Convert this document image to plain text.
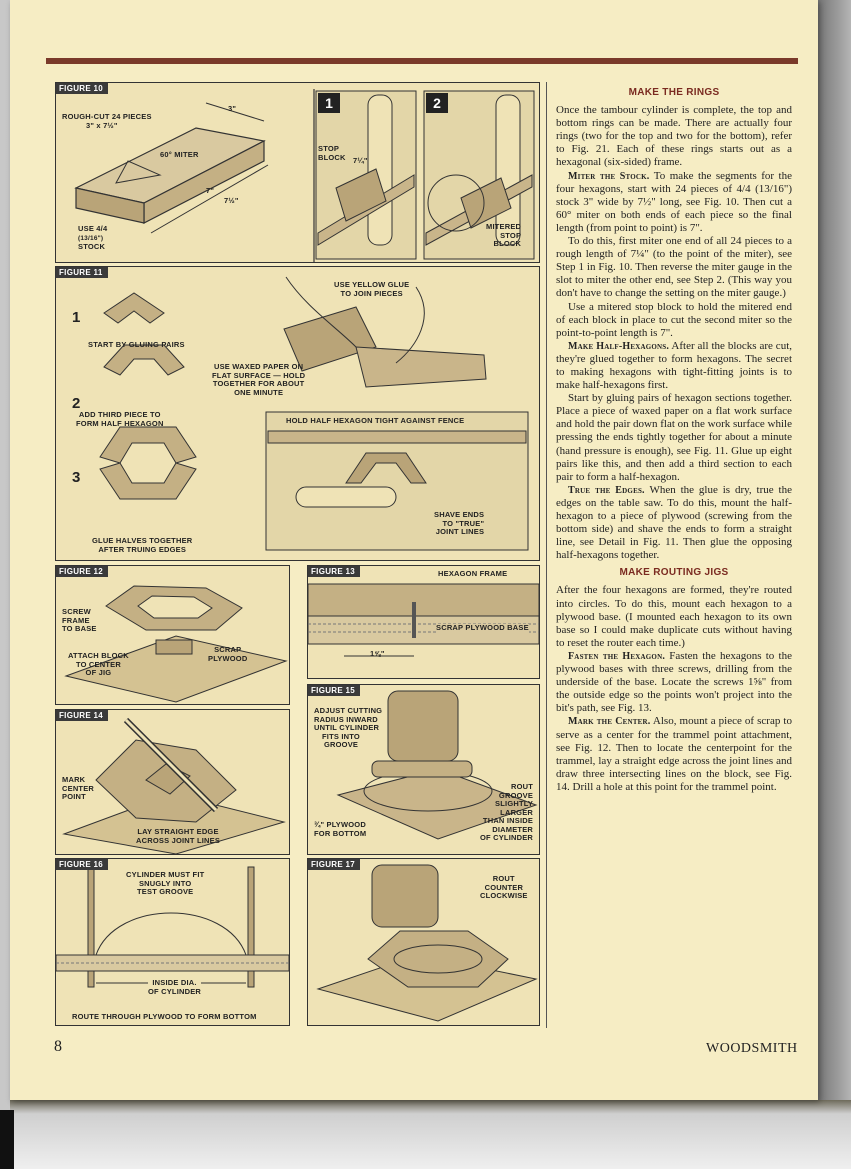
FIGURE 10
ROUGH-CUT 24 PIECES
3" x 7½"
3"
60° MITER
7"
7½"
USE 4/4
(13/16")
STOCK
1	2
STOP
BLOCK 7¼"
MITERED
STOP
BLOCK
FIGURE 11
1
2
3
START BY GLUING PAIRS
USE YELLOW GLUE
TO JOIN PIECES
USE WAXED PAPER ON
FLAT SURFACE — HOLD
TOGETHER FOR ABOUT
ONE MINUTE
ADD THIRD PIECE TO
FORM HALF HEXAGON	HOLD HALF HEXAGON TIGHT AGAINST FENCE
SHAVE ENDS
TO "TRUE"
JOINT LINES
GLUE HALVES TOGETHER
AFTER TRUING EDGES
FIGURE 12
SCREW
FRAME
TO BASE
ATTACH BLOCK
TO CENTER
OF JIG
SCRAP
PLYWOOD
FIGURE 13	HEXAGON FRAME
SCRAP PLYWOOD BASE
1⅝"
FIGURE 14
MARK
CENTER
POINT
LAY STRAIGHT EDGE
ACROSS JOINT LINES
FIGURE 15
ADJUST CUTTING
RADIUS INWARD
UNTIL CYLINDER
FITS INTO
GROOVE
ROUT
GROOVE
SLIGHTLY
LARGER
THAN INSIDE
DIAMETER
OF CYLINDER
¾" PLYWOOD
FOR BOTTOM
FIGURE 16
CYLINDER MUST FIT
SNUGLY INTO
TEST GROOVE
INSIDE DIA.
OF CYLINDER
ROUTE THROUGH PLYWOOD TO FORM BOTTOM
FIGURE 17
ROUT
COUNTER
CLOCKWISE
MAKE THE RINGS

Once the tambour cylinder is complete, the top and bottom rings can be made. There are actually four rings (two for the top and two for the bottom), refer to Fig. 21. Each of these rings starts out as a hexagonal (six-sided) frame.

Miter the Stock. To make the segments for the four hexagons, start with 24 pieces of 4/4 (13/16") stock 3" wide by 7½" long, see Fig. 10. Then cut a 60° miter on both ends of each piece so the final length (from point to point) is 7".

To do this, first miter one end of all 24 pieces to a rough length of 7¼" (to the point of the miter), see Step 1 in Fig. 10. Then reverse the miter gauge in the slot to miter the other end, see Step 2. (This way you don't have to change the setting on the miter gauge.)

Use a mitered stop block to hold the mitered end of each block in place to cut the second miter so the point-to-point length is 7".

Make Half-Hexagons. After all the blocks are cut, they're glued together to form hexagons. The secret to making hexagons with tight-fitting joints is to make half-hexagons first.

Start by gluing pairs of hexagon sections together. Place a piece of waxed paper on a flat work surface and hold the pair down flat on the work surface while pressing the ends tightly together for about a minute (hand pressure is enough), see Fig. 11. Glue up eight pairs like this, and then add a third section to each pair to form a half-hexagon.

True the Edges. When the glue is dry, true the edges on the table saw. To do this, mount the half-hexagon to a piece of plywood (screwing from the bottom side) and shave the ends to form a straight line, see Detail in Fig. 11. Then glue the opposing half-hexagons together.

MAKE ROUTING JIGS

After the four hexagons are formed, they're routed into circles. To do this, mount each hexagon to a plywood base. (I mounted each hexagon to its own base so I could make duplicate cuts without having to reset the router each time.)

Fasten the Hexagon. Fasten the hexagons to the plywood bases with three screws, drilling from the underside of the base. Locate the screws 1⅝" from the outside edge so the points won't project into the bit's path, see Fig. 13.

Mark the Center. Also, mount a piece of scrap to serve as a center for the trammel point attachment, see Fig. 12. Then to locate the centerpoint for the trammel, lay a straight edge across the joint lines and draw three intersecting lines on the block, see Fig. 14. Drill a hole at this point for the trammel point.

8	WOODSMITH
